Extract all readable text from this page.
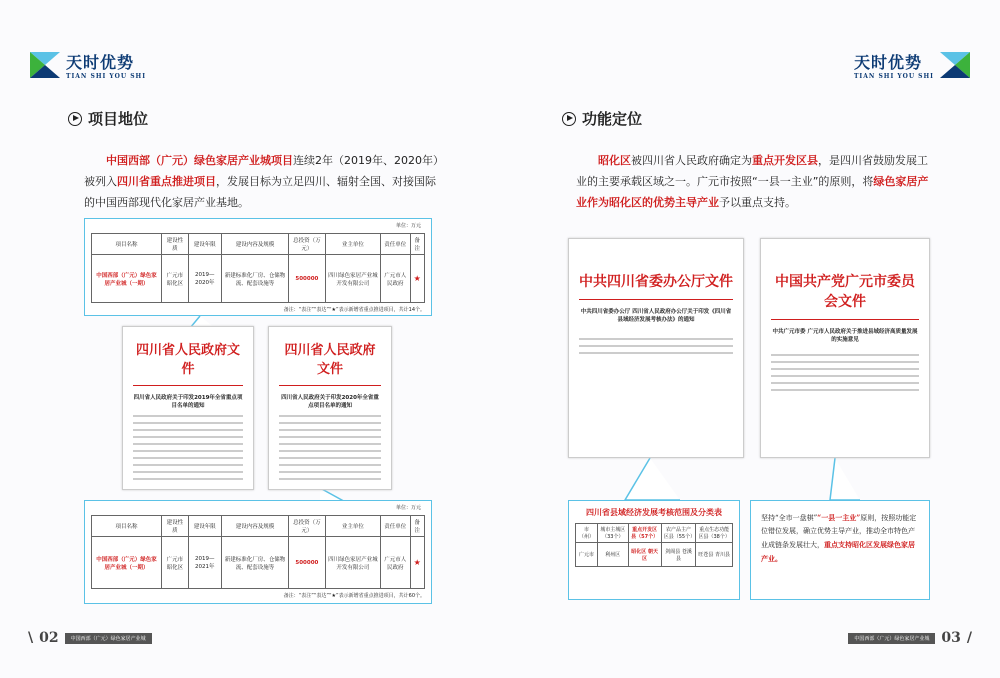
天时优势
TIAN SHI YOU SHI
项目地位
中国西部（广元）绿色家居产业城项目连续2年（2019年、2020年）被列入四川省重点推进项目，发展目标为立足四川、辐射全国、对接国际的中国西部现代化家居产业基地。
单位：万元
项目名称	建设性质	建设年限	建设内容及规模	总投资（万元）	业主单位	责任单位	备注
中国西部（广元）绿色家居产业城（一期）	广元市昭化区	2019—2020年	新建标准化厂房、仓储物流、配套设施等	500000	四川绿色家居产业城开发有限公司	广元市人民政府	★
备注：“表注”“表达”“★”表示新增省重点推进项目，共计14个。
四川省人民政府文件
四川省人民政府关于印发2019年全省重点项目名单的通知
四川省人民政府文件
四川省人民政府关于印发2020年全省重点项目名单的通知
单位：万元
项目名称	建设性质	建设年限	建设内容及规模	总投资（万元）	业主单位	责任单位	备注
中国西部（广元）绿色家居产业城（一期）	广元市昭化区	2019—2021年	新建标准化厂房、仓储物流、配套设施等	500000	四川绿色家居产业城开发有限公司	广元市人民政府	★
备注：“表注”“表达”“★”表示新增省重点推进项目，共计60个。
\ 02	中国西部（广元）绿色家居产业城
天时优势
TIAN SHI YOU SHI
功能定位
昭化区被四川省人民政府确定为重点开发区县，是四川省鼓励发展工业的主要承载区域之一。广元市按照“一县一主业”的原则，将绿色家居产业作为昭化区的优势主导产业予以重点支持。
中共四川省委办公厅文件
中共四川省委办公厅 四川省人民政府办公厅关于印发《四川省县域经济发展考核办法》的通知
中国共产党广元市委员会文件
中共广元市委 广元市人民政府关于推进县域经济高质量发展的实施意见
四川省县域经济发展考核范围及分类表
市（州）	城市主城区（33个）	重点开发区县（57个）	农产品主产区县（55个）	重点生态功能区县（38个）
广元市	利州区	昭化区 朝天区	剑阁县 苍溪县	旺苍县 青川县
坚持“全市一盘棋”“一县一主业”原则，按照功能定位错位发展，确立优势主导产业，推动全市特色产业成链条发展壮大，重点支持昭化区发展绿色家居产业。
中国西部（广元）绿色家居产业城 03 /
